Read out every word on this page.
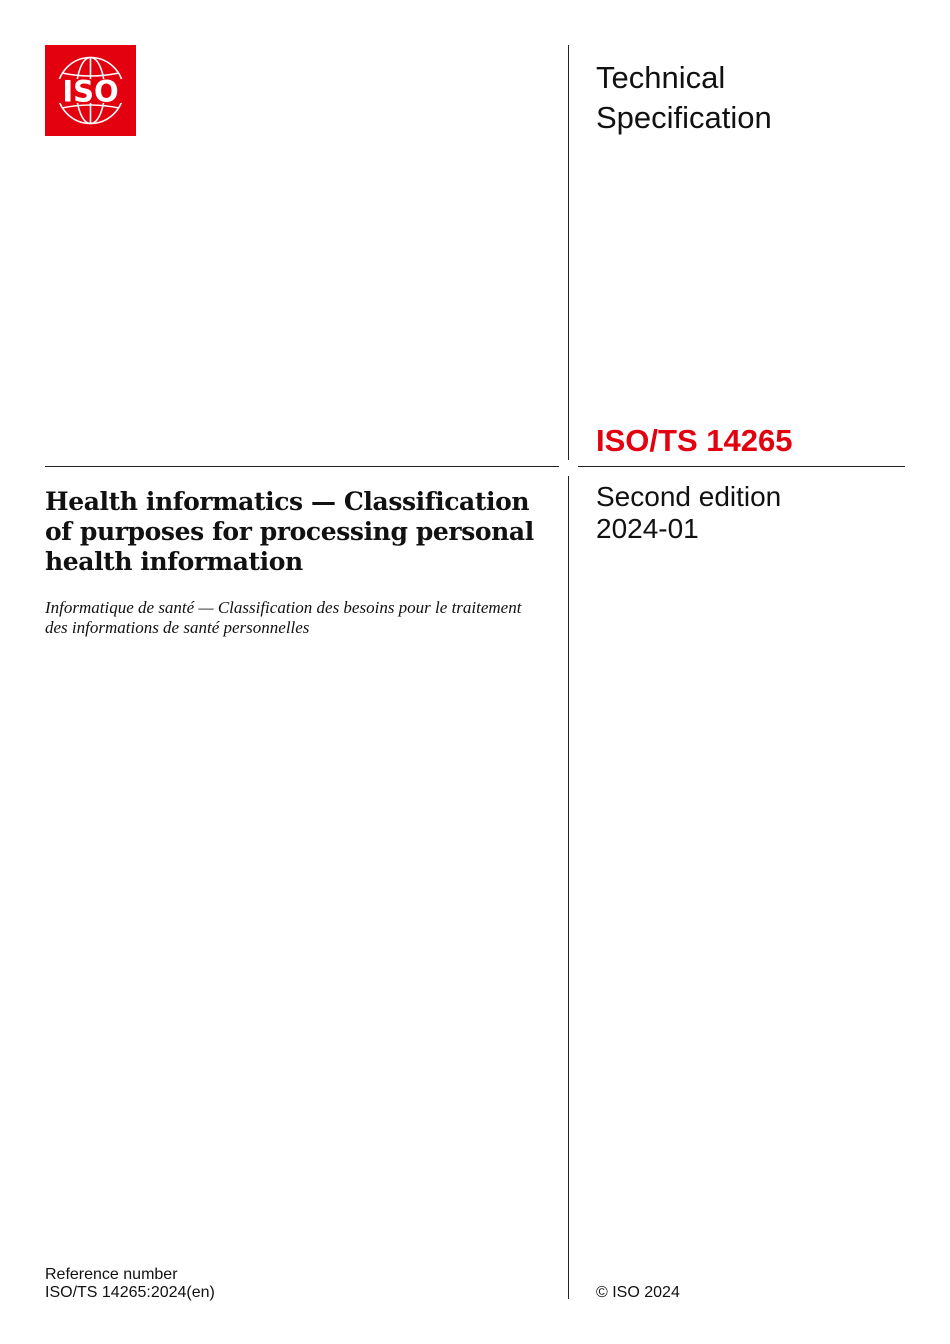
ISO	Technical
Specification
ISO/TS 14265
Second edition
2024-01
Health informatics — Classification of purposes for processing personal health information
Informatique de santé — Classification des besoins pour le traitement des informations de santé personnelles
Reference number
ISO/TS 14265:2024(en)	© ISO 2024
